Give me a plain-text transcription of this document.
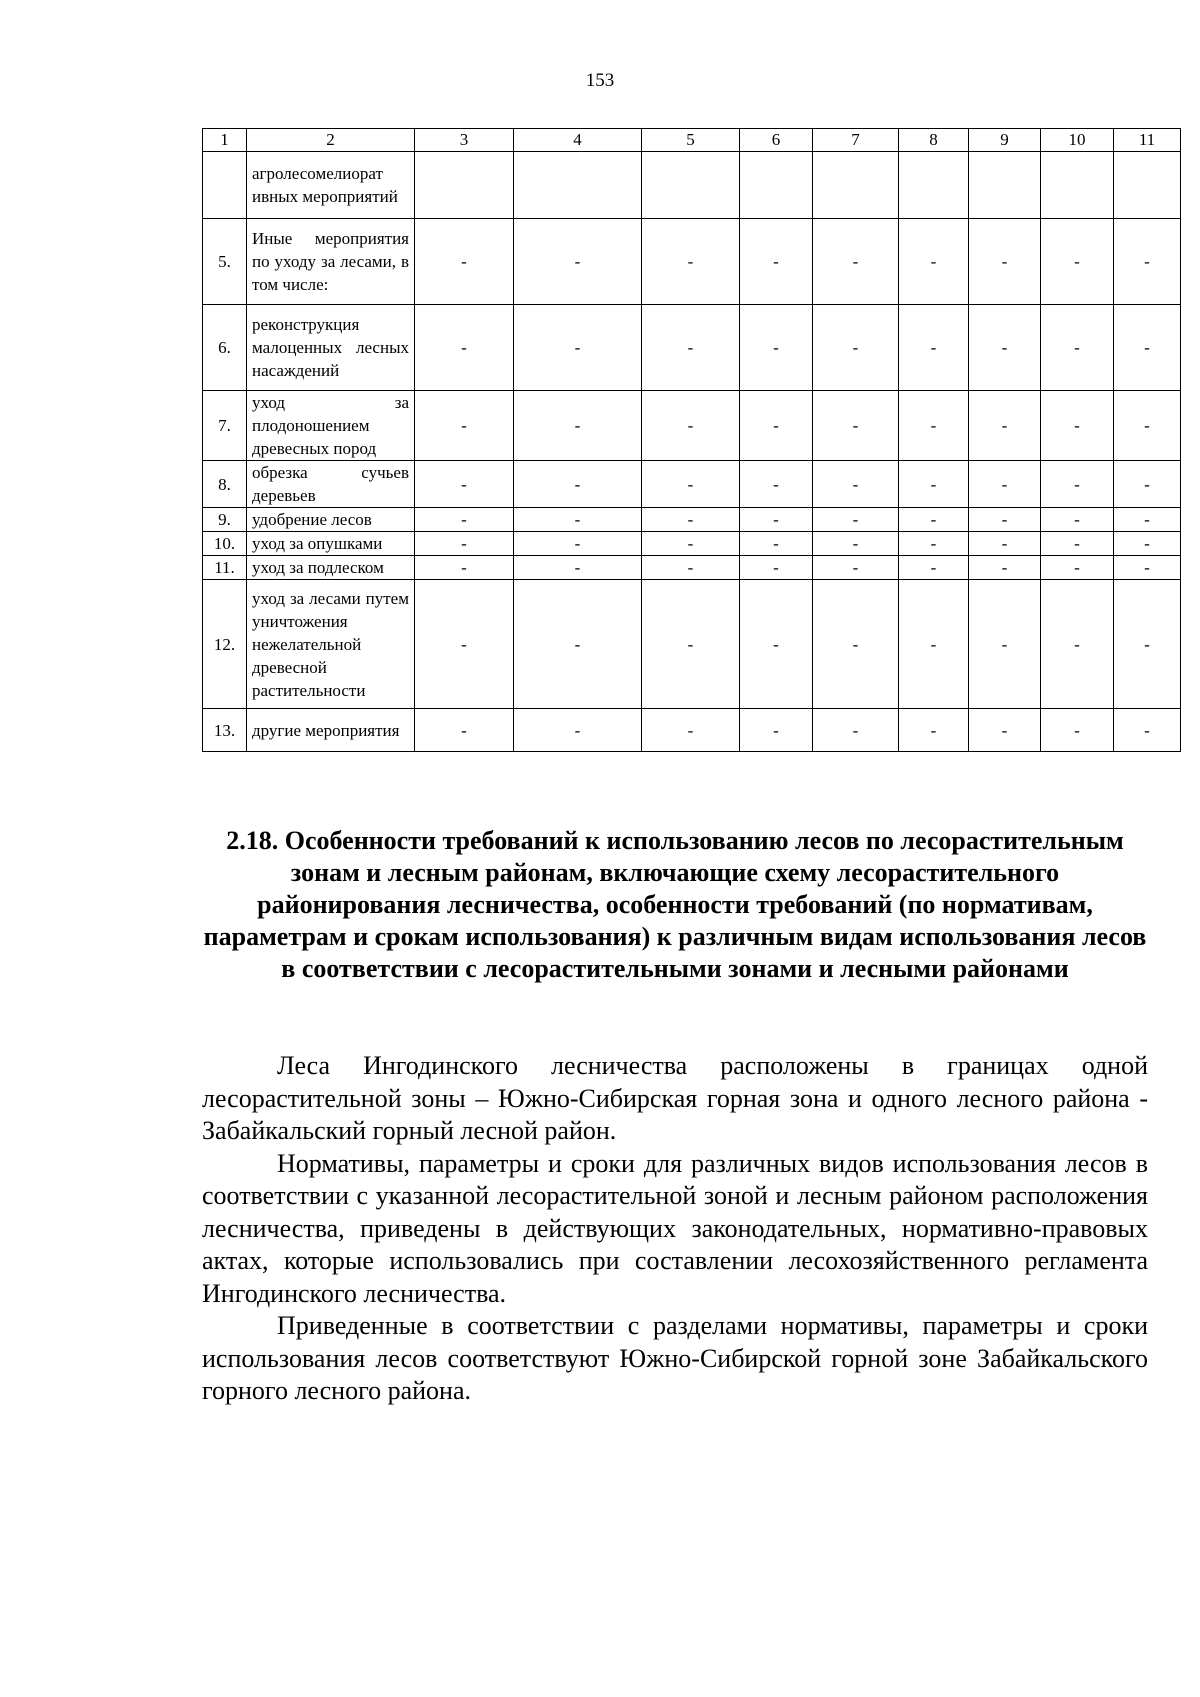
153
1	2	3	4	5	6	7	8	9	10	11
	агролесомелиорат ивных мероприятий									
5.	Иные мероприятия по уходу за лесами, в том числе:	-	-	-	-	-	-	-	-	-
6.	реконструкция малоценных лесных насаждений	-	-	-	-	-	-	-	-	-
7.	уход за плодоношением древесных пород	-	-	-	-	-	-	-	-	-
8.	обрезка сучьев деревьев	-	-	-	-	-	-	-	-	-
9.	удобрение лесов	-	-	-	-	-	-	-	-	-
10.	уход за опушками	-	-	-	-	-	-	-	-	-
11.	уход за подлеском	-	-	-	-	-	-	-	-	-
12.	уход за лесами путем уничтожения нежелательной древесной растительности	-	-	-	-	-	-	-	-	-
13.	другие мероприятия	-	-	-	-	-	-	-	-	-
2.18. Особенности требований к использованию лесов по лесорастительным зонам и лесным районам, включающие схему лесорастительного районирования лесничества, особенности требований (по нормативам, параметрам и срокам использования) к различным видам использования лесов в соответствии с лесорастительными зонами и лесными районами

Леса Ингодинского лесничества расположены в границах одной лесорастительной зоны – Южно-Сибирская горная зона и одного лесного района - Забайкальский горный лесной район.

Нормативы, параметры и сроки для различных видов использования лесов в соответствии с указанной лесорастительной зоной и лесным районом расположения лесничества, приведены в действующих законодательных, нормативно-правовых актах, которые использовались при составлении лесохозяйственного регламента Ингодинского лесничества.

Приведенные в соответствии с разделами нормативы, параметры и сроки использования лесов соответствуют Южно-Сибирской горной зоне Забайкальского горного лесного района.
